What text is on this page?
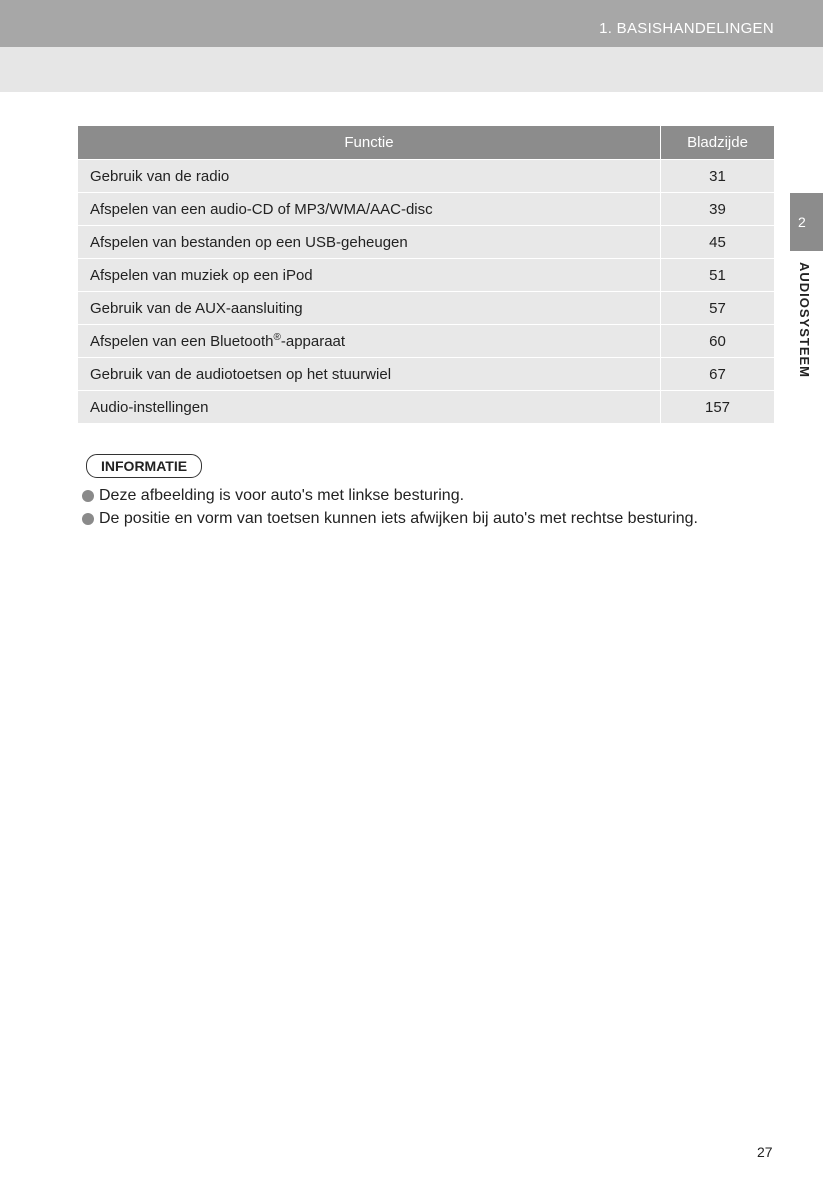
1. BASISHANDELINGEN
2
AUDIOSYSTEEM
Functie	Bladzijde
Gebruik van de radio	31
Afspelen van een audio-CD of MP3/WMA/AAC-disc	39
Afspelen van bestanden op een USB-geheugen	45
Afspelen van muziek op een iPod	51
Gebruik van de AUX-aansluiting	57
Afspelen van een Bluetooth®-apparaat	60
Gebruik van de audiotoetsen op het stuurwiel	67
Audio-instellingen	157
INFORMATIE
Deze afbeelding is voor auto's met linkse besturing.
De positie en vorm van toetsen kunnen iets afwijken bij auto's met rechtse besturing.
27
